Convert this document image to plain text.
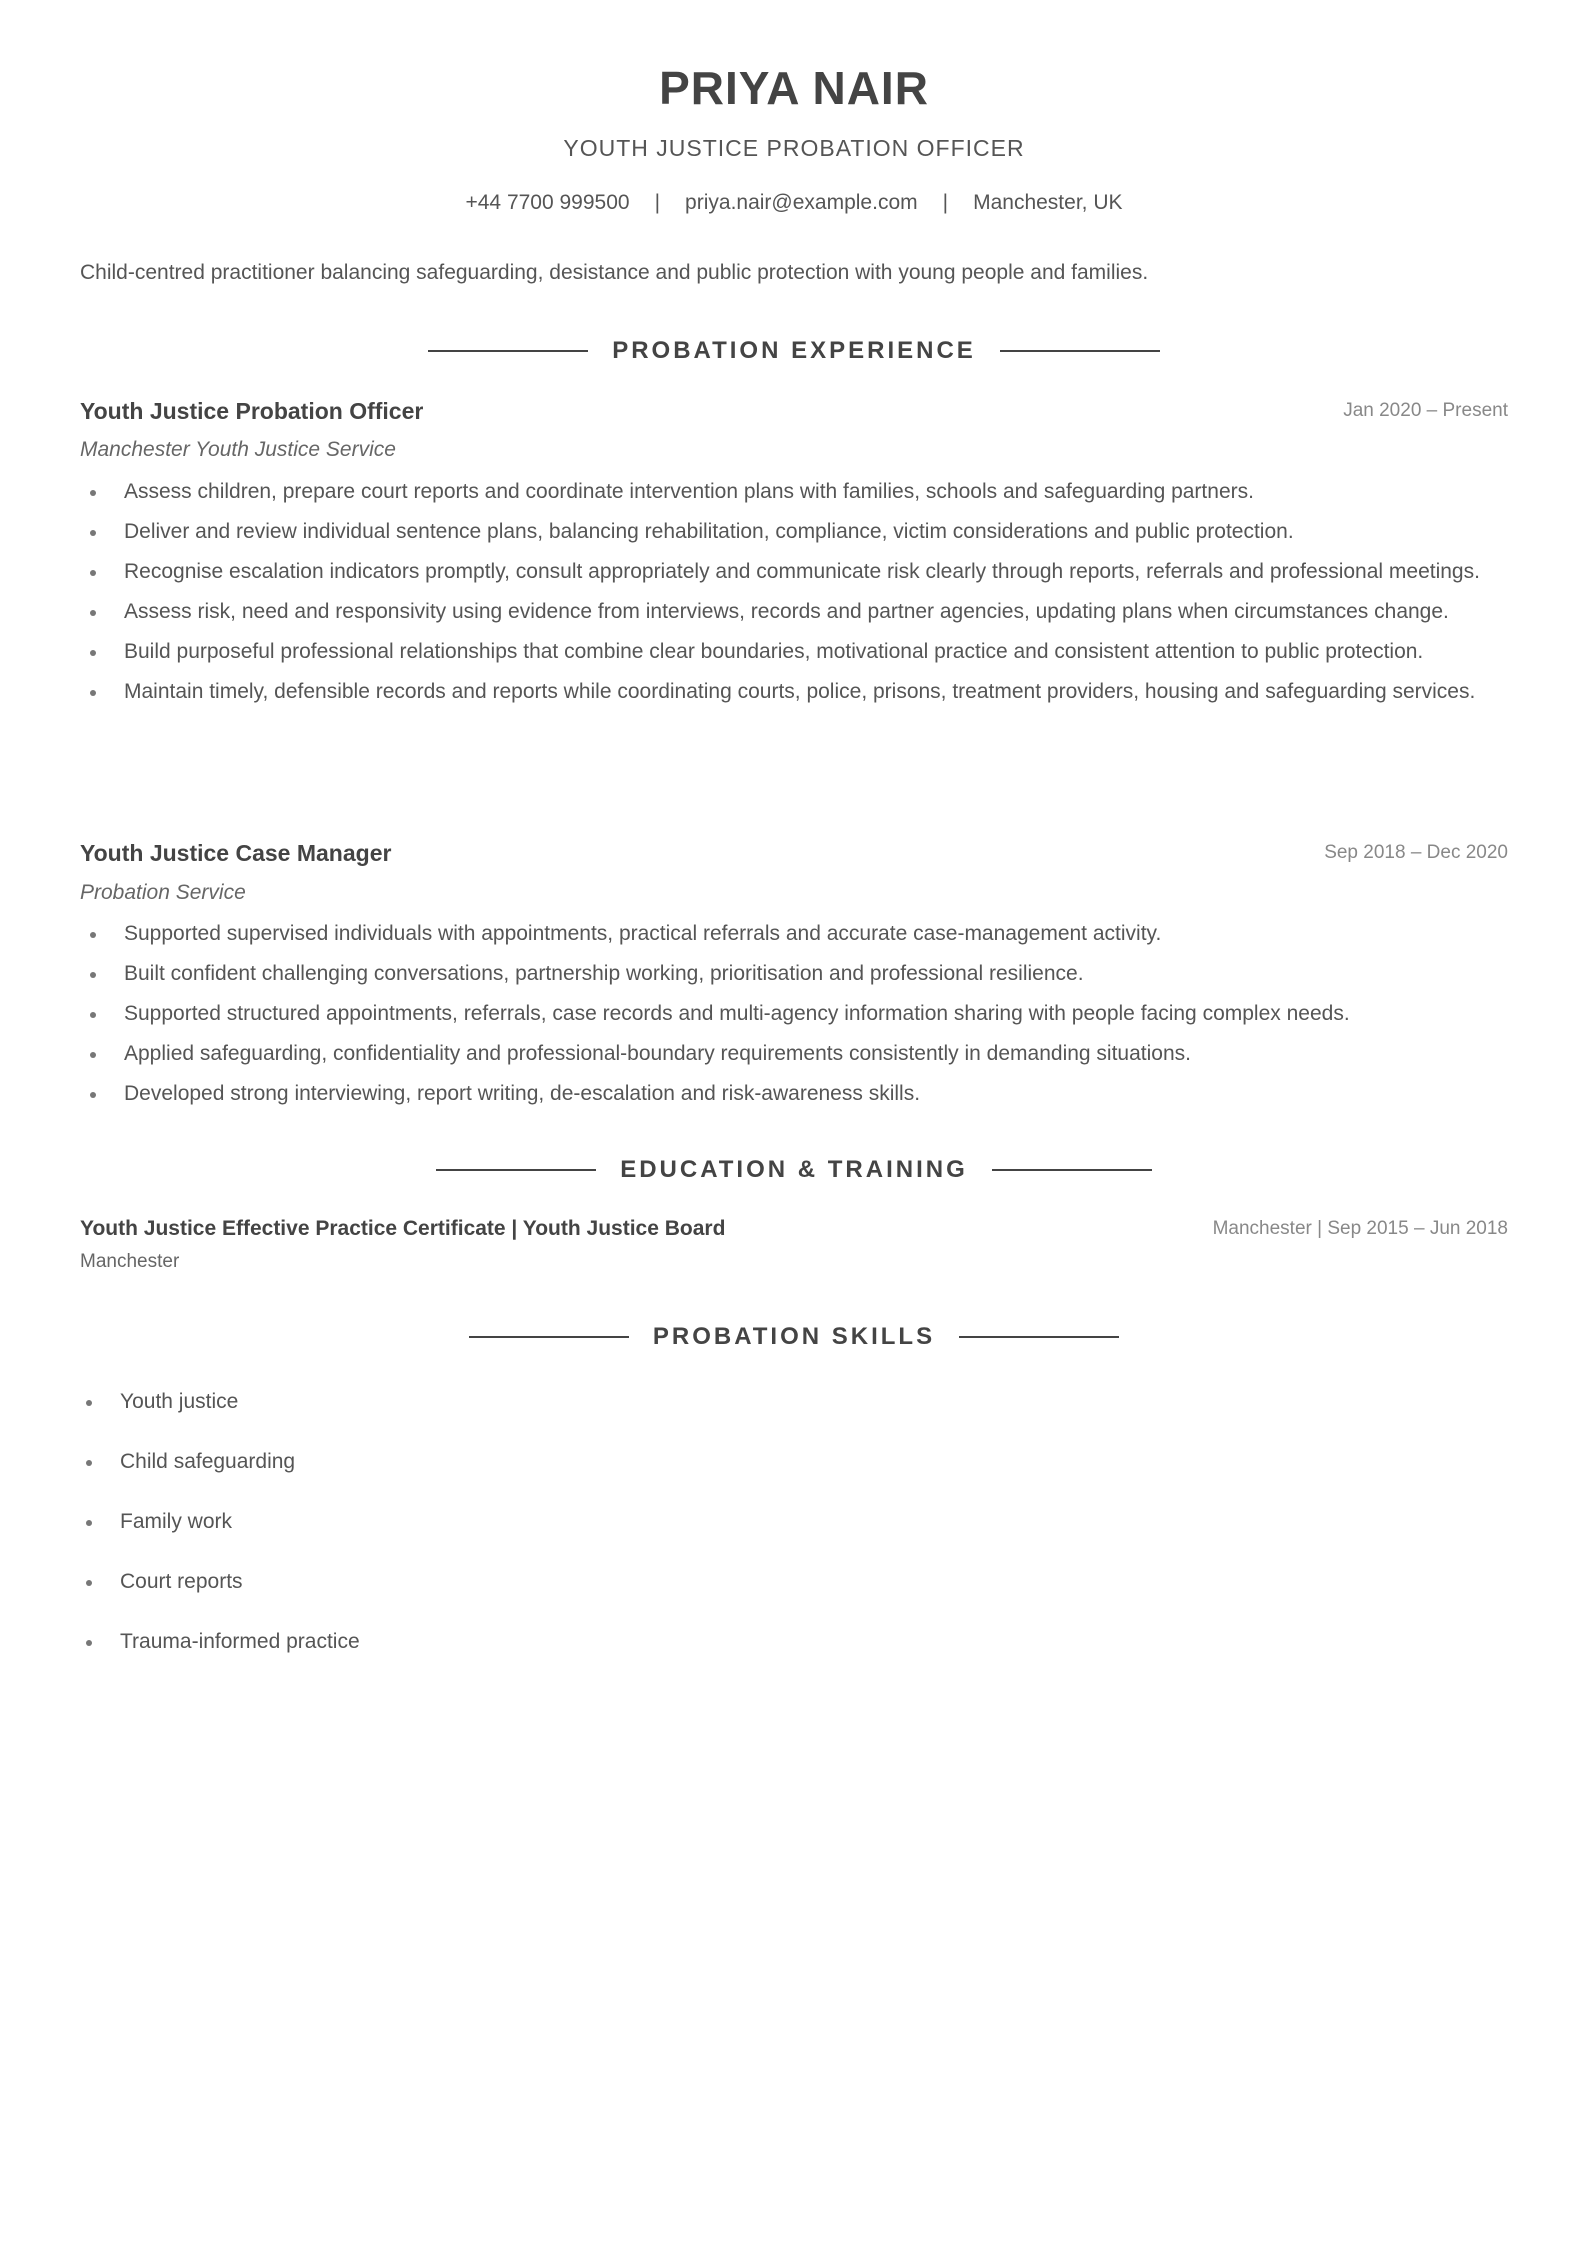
PRIYA NAIR
YOUTH JUSTICE PROBATION OFFICER
+44 7700 999500 | priya.nair@example.com | Manchester, UK
Child-centred practitioner balancing safeguarding, desistance and public protection with young people and families.
PROBATION EXPERIENCE
Youth Justice Probation Officer	Jan 2020 – Present
Manchester Youth Justice Service
Assess children, prepare court reports and coordinate intervention plans with families, schools and safeguarding partners.
Deliver and review individual sentence plans, balancing rehabilitation, compliance, victim considerations and public protection.
Recognise escalation indicators promptly, consult appropriately and communicate risk clearly through reports, referrals and professional meetings.
Assess risk, need and responsivity using evidence from interviews, records and partner agencies, updating plans when circumstances change.
Build purposeful professional relationships that combine clear boundaries, motivational practice and consistent attention to public protection.
Maintain timely, defensible records and reports while coordinating courts, police, prisons, treatment providers, housing and safeguarding services.
Youth Justice Case Manager	Sep 2018 – Dec 2020
Probation Service
Supported supervised individuals with appointments, practical referrals and accurate case-management activity.
Built confident challenging conversations, partnership working, prioritisation and professional resilience.
Supported structured appointments, referrals, case records and multi-agency information sharing with people facing complex needs.
Applied safeguarding, confidentiality and professional-boundary requirements consistently in demanding situations.
Developed strong interviewing, report writing, de-escalation and risk-awareness skills.
EDUCATION & TRAINING
Youth Justice Effective Practice Certificate | Youth Justice Board	Manchester | Sep 2015 – Jun 2018
Manchester
PROBATION SKILLS
Youth justice
Child safeguarding
Family work
Court reports
Trauma-informed practice
